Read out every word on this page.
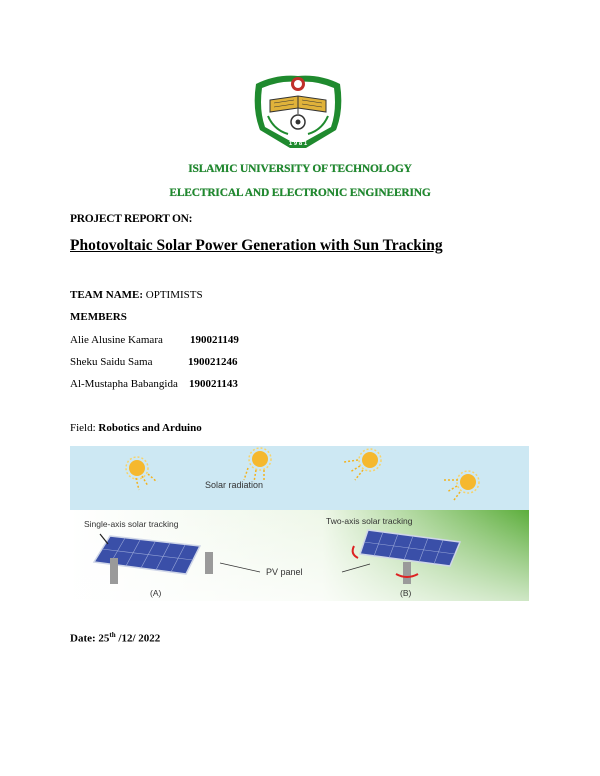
1 9 8 1
ISLAMIC UNIVERSITY OF TECHNOLOGY
ELECTRICAL AND ELECTRONIC ENGINEERING
PROJECT REPORT ON:
Photovoltaic Solar Power Generation with Sun Tracking
TEAM NAME: OPTIMISTS
MEMBERS
Alie Alusine Kamara 190021149
Sheku Saidu Sama	190021246
Al-Mustapha Babangida 190021143
Field: Robotics and Arduino
Solar radiation
Single-axis solar tracking	Two-axis solar tracking
PV panel
(A)	(B)
Date: 25th /12/ 2022
